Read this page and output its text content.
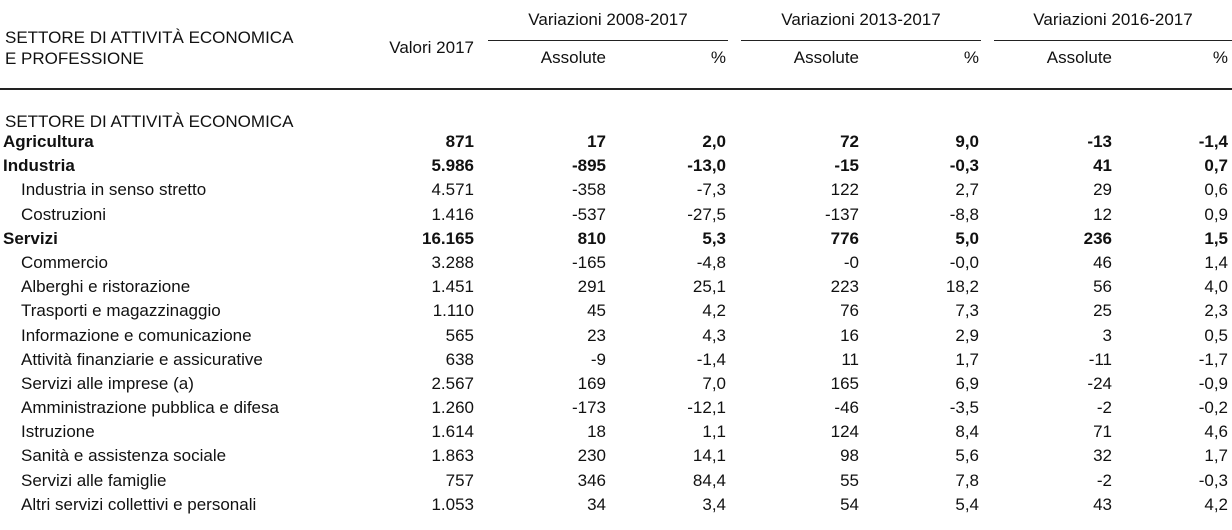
SETTORE DI ATTIVITÀ ECONOMICA
E PROFESSIONE
Valori 2017
Variazioni 2008-2017	Variazioni 2013-2017	Variazioni 2016-2017
Assolute	%	Assolute	%	Assolute	%
SETTORE DI ATTIVITÀ ECONOMICA
Agricultura	871	17	2,0	72	9,0	-13	-1,4
Industria	5.986	-895	-13,0	-15	-0,3	41	0,7
Industria in senso stretto	4.571	-358	-7,3	122	2,7	29	0,6
Costruzioni	1.416	-537	-27,5	-137	-8,8	12	0,9
Servizi	16.165	810	5,3	776	5,0	236	1,5
Commercio	3.288	-165	-4,8	-0	-0,0	46	1,4
Alberghi e ristorazione	1.451	291	25,1	223	18,2	56	4,0
Trasporti e magazzinaggio	1.110	45	4,2	76	7,3	25	2,3
Informazione e comunicazione	565	23	4,3	16	2,9	3	0,5
Attività finanziarie e assicurative	638	-9	-1,4	11	1,7	-11	-1,7
Servizi alle imprese (a)	2.567	169	7,0	165	6,9	-24	-0,9
Amministrazione pubblica e difesa	1.260	-173	-12,1	-46	-3,5	-2	-0,2
Istruzione	1.614	18	1,1	124	8,4	71	4,6
Sanità e assistenza sociale	1.863	230	14,1	98	5,6	32	1,7
Servizi alle famiglie	757	346	84,4	55	7,8	-2	-0,3
Altri servizi collettivi e personali	1.053	34	3,4	54	5,4	43	4,2
